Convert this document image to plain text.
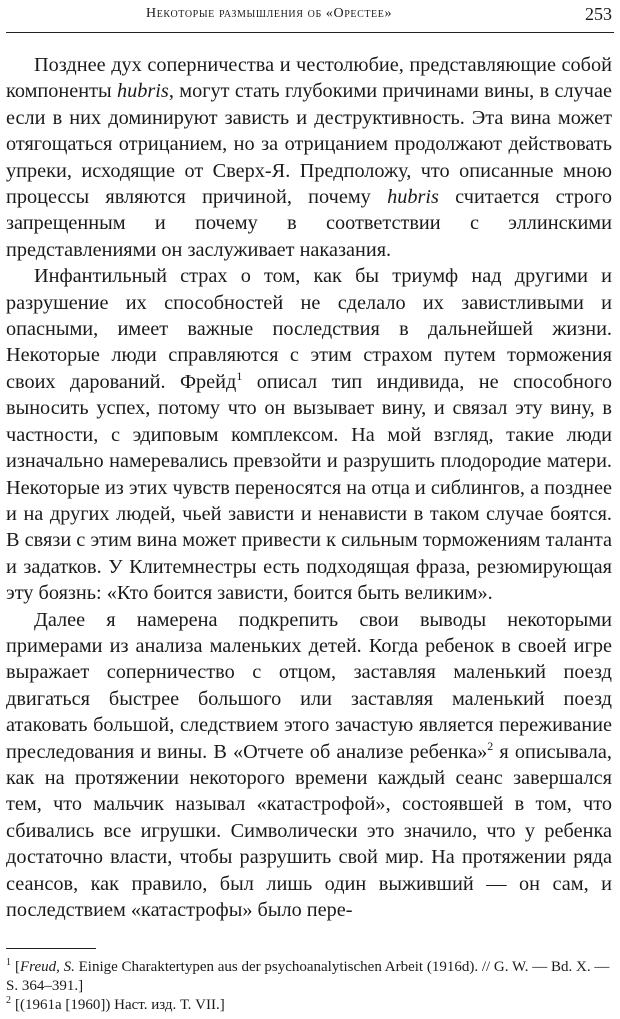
Некоторые размышления об «Орестее»	253

Позднее дух соперничества и честолюбие, представляющие собой компоненты hubris, могут стать глубокими причинами вины, в случае если в них доминируют зависть и деструктивность. Эта вина может отягощаться отрицанием, но за отрицанием продолжают действовать упреки, исходящие от Сверх-Я. Предположу, что описанные мною процессы являются причиной, почему hubris считается строго запрещенным и почему в соответствии с эллинскими представлениями он заслуживает наказания.

Инфантильный страх о том, как бы триумф над другими и разрушение их способностей не сделало их завистливыми и опасными, имеет важные последствия в дальнейшей жизни. Некоторые люди справляются с этим страхом путем торможения своих дарований. Фрейд$^1$ описал тип индивида, не способного выносить успех, потому что он вызывает вину, и связал эту вину, в частности, с эдиповым комплексом. На мой взгляд, такие люди изначально намеревались превзойти и разрушить плодородие матери. Некоторые из этих чувств переносятся на отца и сиблингов, а позднее и на других людей, чьей зависти и ненависти в таком случае боятся. В связи с этим вина может привести к сильным торможениям таланта и задатков. У Клитемнестры есть подходящая фраза, резюмирующая эту боязнь: «Кто боится зависти, боится быть великим».

Далее я намерена подкрепить свои выводы некоторыми примерами из анализа маленьких детей. Когда ребенок в своей игре выражает соперничество с отцом, заставляя маленький поезд двигаться быстрее большого или заставляя маленький поезд атаковать большой, следствием этого зачастую является переживание преследования и вины. В «Отчете об анализе ребенка»$^2$ я описывала, как на протяжении некоторого времени каждый сеанс завершался тем, что мальчик называл «катастрофой», состоявшей в том, что сбивались все игрушки. Символически это значило, что у ребенка достаточно власти, чтобы разрушить свой мир. На протяжении ряда сеансов, как правило, был лишь один выживший — он сам, и последствием «катастрофы» было пере-

$^1$ [Freud, S. Einige Charaktertypen aus der psychoanalytischen Arbeit (1916d). // G. W. — Bd. X. — S. 364–391.]

$^2$ [(1961a [1960]) Наст. изд. Т. VII.]
